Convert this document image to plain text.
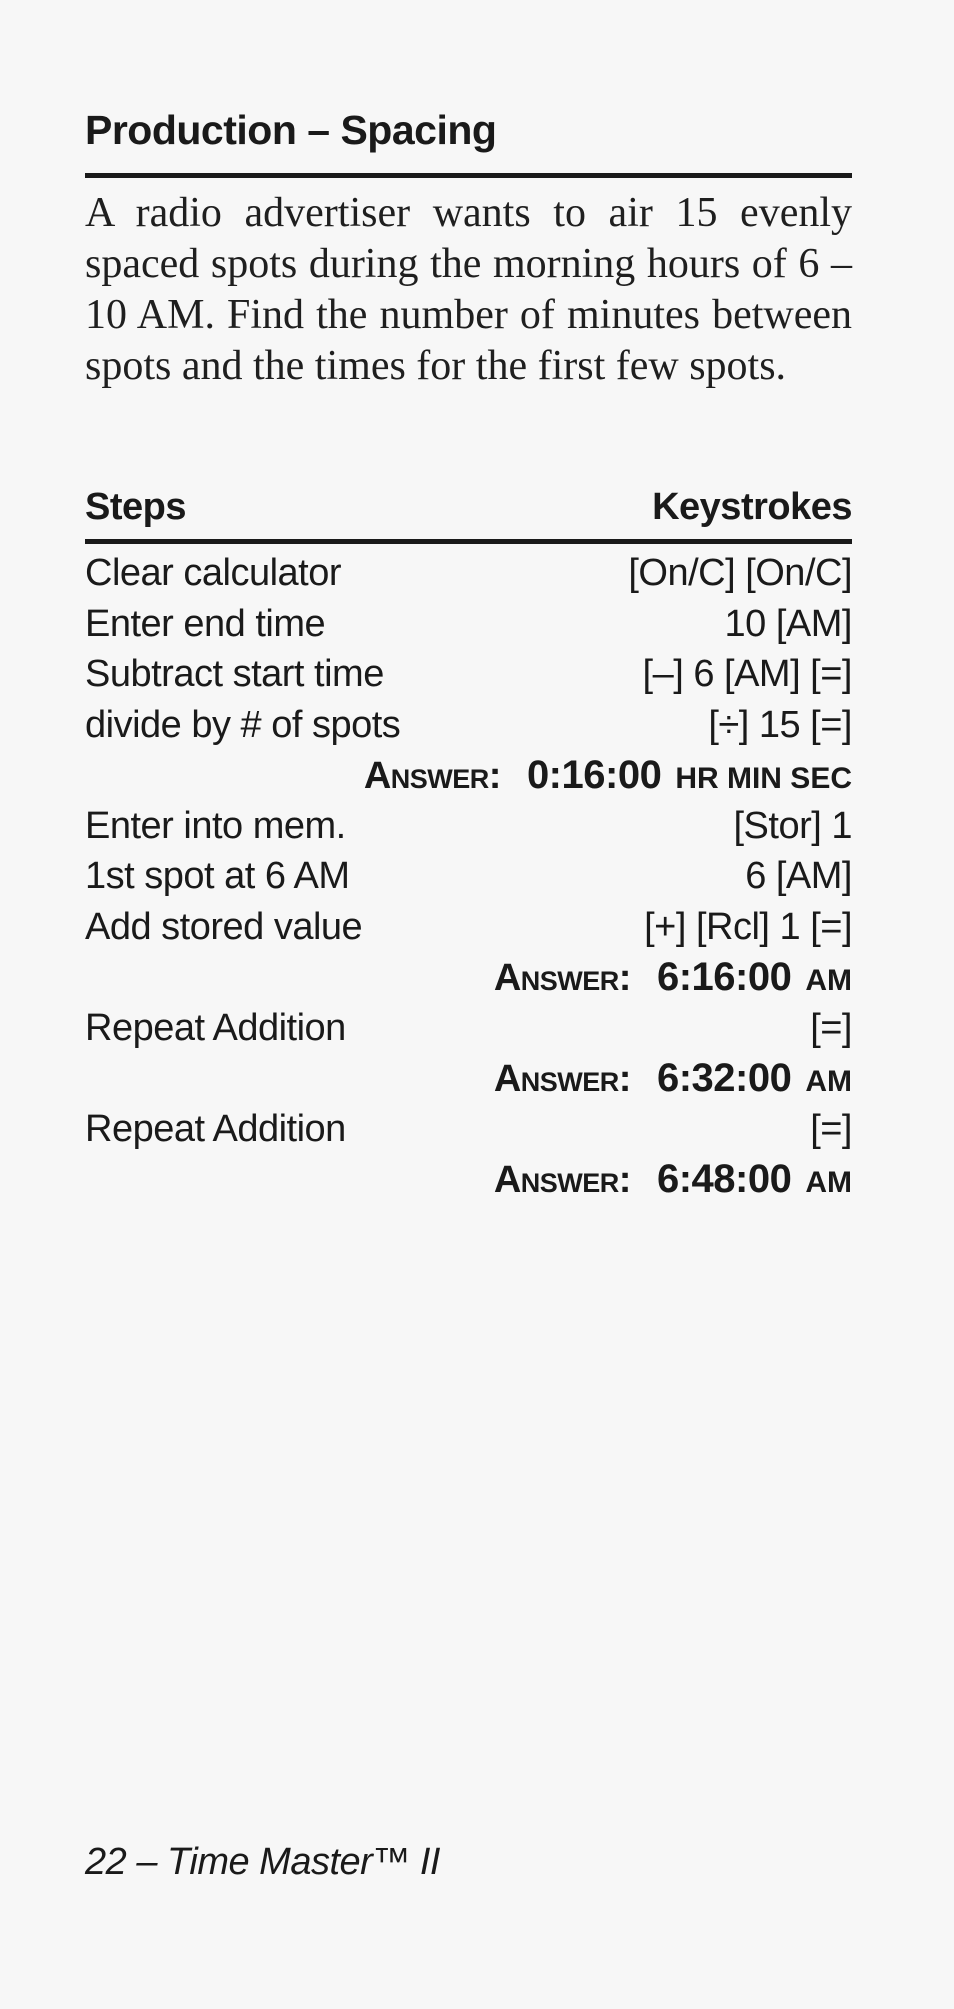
Production – Spacing
A radio advertiser wants to air 15 evenly spaced spots during the morning hours of 6 – 10 AM. Find the number of minutes between spots and the times for the first few spots.
Steps	Keystrokes
Clear calculator	[On/C] [On/C]
Enter end time	10 [AM]
Subtract start time	[–] 6 [AM] [=]
divide by # of spots	[÷] 15 [=]
Answer: 0:16:00 HR MIN SEC
Enter into mem.	[Stor] 1
1st spot at 6 AM	6 [AM]
Add stored value	[+] [Rcl] 1 [=]
Answer: 6:16:00 AM
Repeat Addition	[=]
Answer: 6:32:00 AM
Repeat Addition	[=]
Answer: 6:48:00 AM
22 – Time Master™ II
